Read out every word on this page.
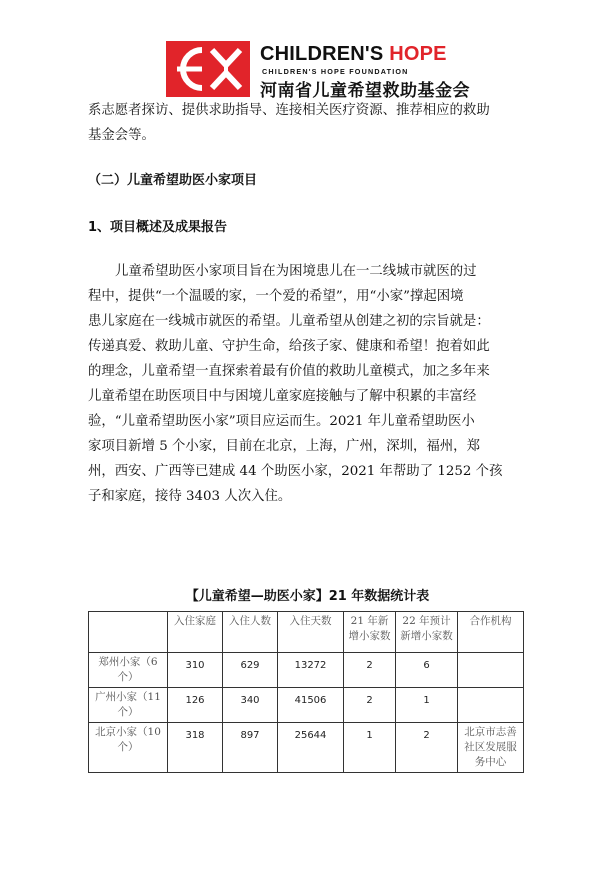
CHILDREN'S HOPE
CHILDREN'S HOPE FOUNDATION
河南省儿童希望救助基金会
系志愿者探访、提供求助指导、连接相关医疗资源、推荐相应的救助
基金会等。
（二）儿童希望助医小家项目
1、项目概述及成果报告
儿童希望助医小家项目旨在为困境患儿在一二线城市就医的过
程中，提供“一个温暖的家，一个爱的希望”，用“小家”撑起困境
患儿家庭在一线城市就医的希望。儿童希望从创建之初的宗旨就是：
传递真爱、救助儿童、守护生命，给孩子家、健康和希望！抱着如此
的理念，儿童希望一直探索着最有价值的救助儿童模式，加之多年来
儿童希望在助医项目中与困境儿童家庭接触与了解中积累的丰富经
验，“儿童希望助医小家”项目应运而生。2021 年儿童希望助医小
家项目新增 5 个小家，目前在北京，上海，广州，深圳，福州，郑
州，西安、广西等已建成 44 个助医小家，2021 年帮助了 1252 个孩
子和家庭，接待 3403 人次入住。
【儿童希望—助医小家】21 年数据统计表
	入住家庭	入住人数	入住天数	21 年新增小家数	22 年预计新增小家数	合作机构
郑州小家（6 个）	310	629	13272	2	6	
广州小家（11 个）	126	340	41506	2	1	
北京小家（10 个）	318	897	25644	1	2	北京市志善社区发展服务中心
